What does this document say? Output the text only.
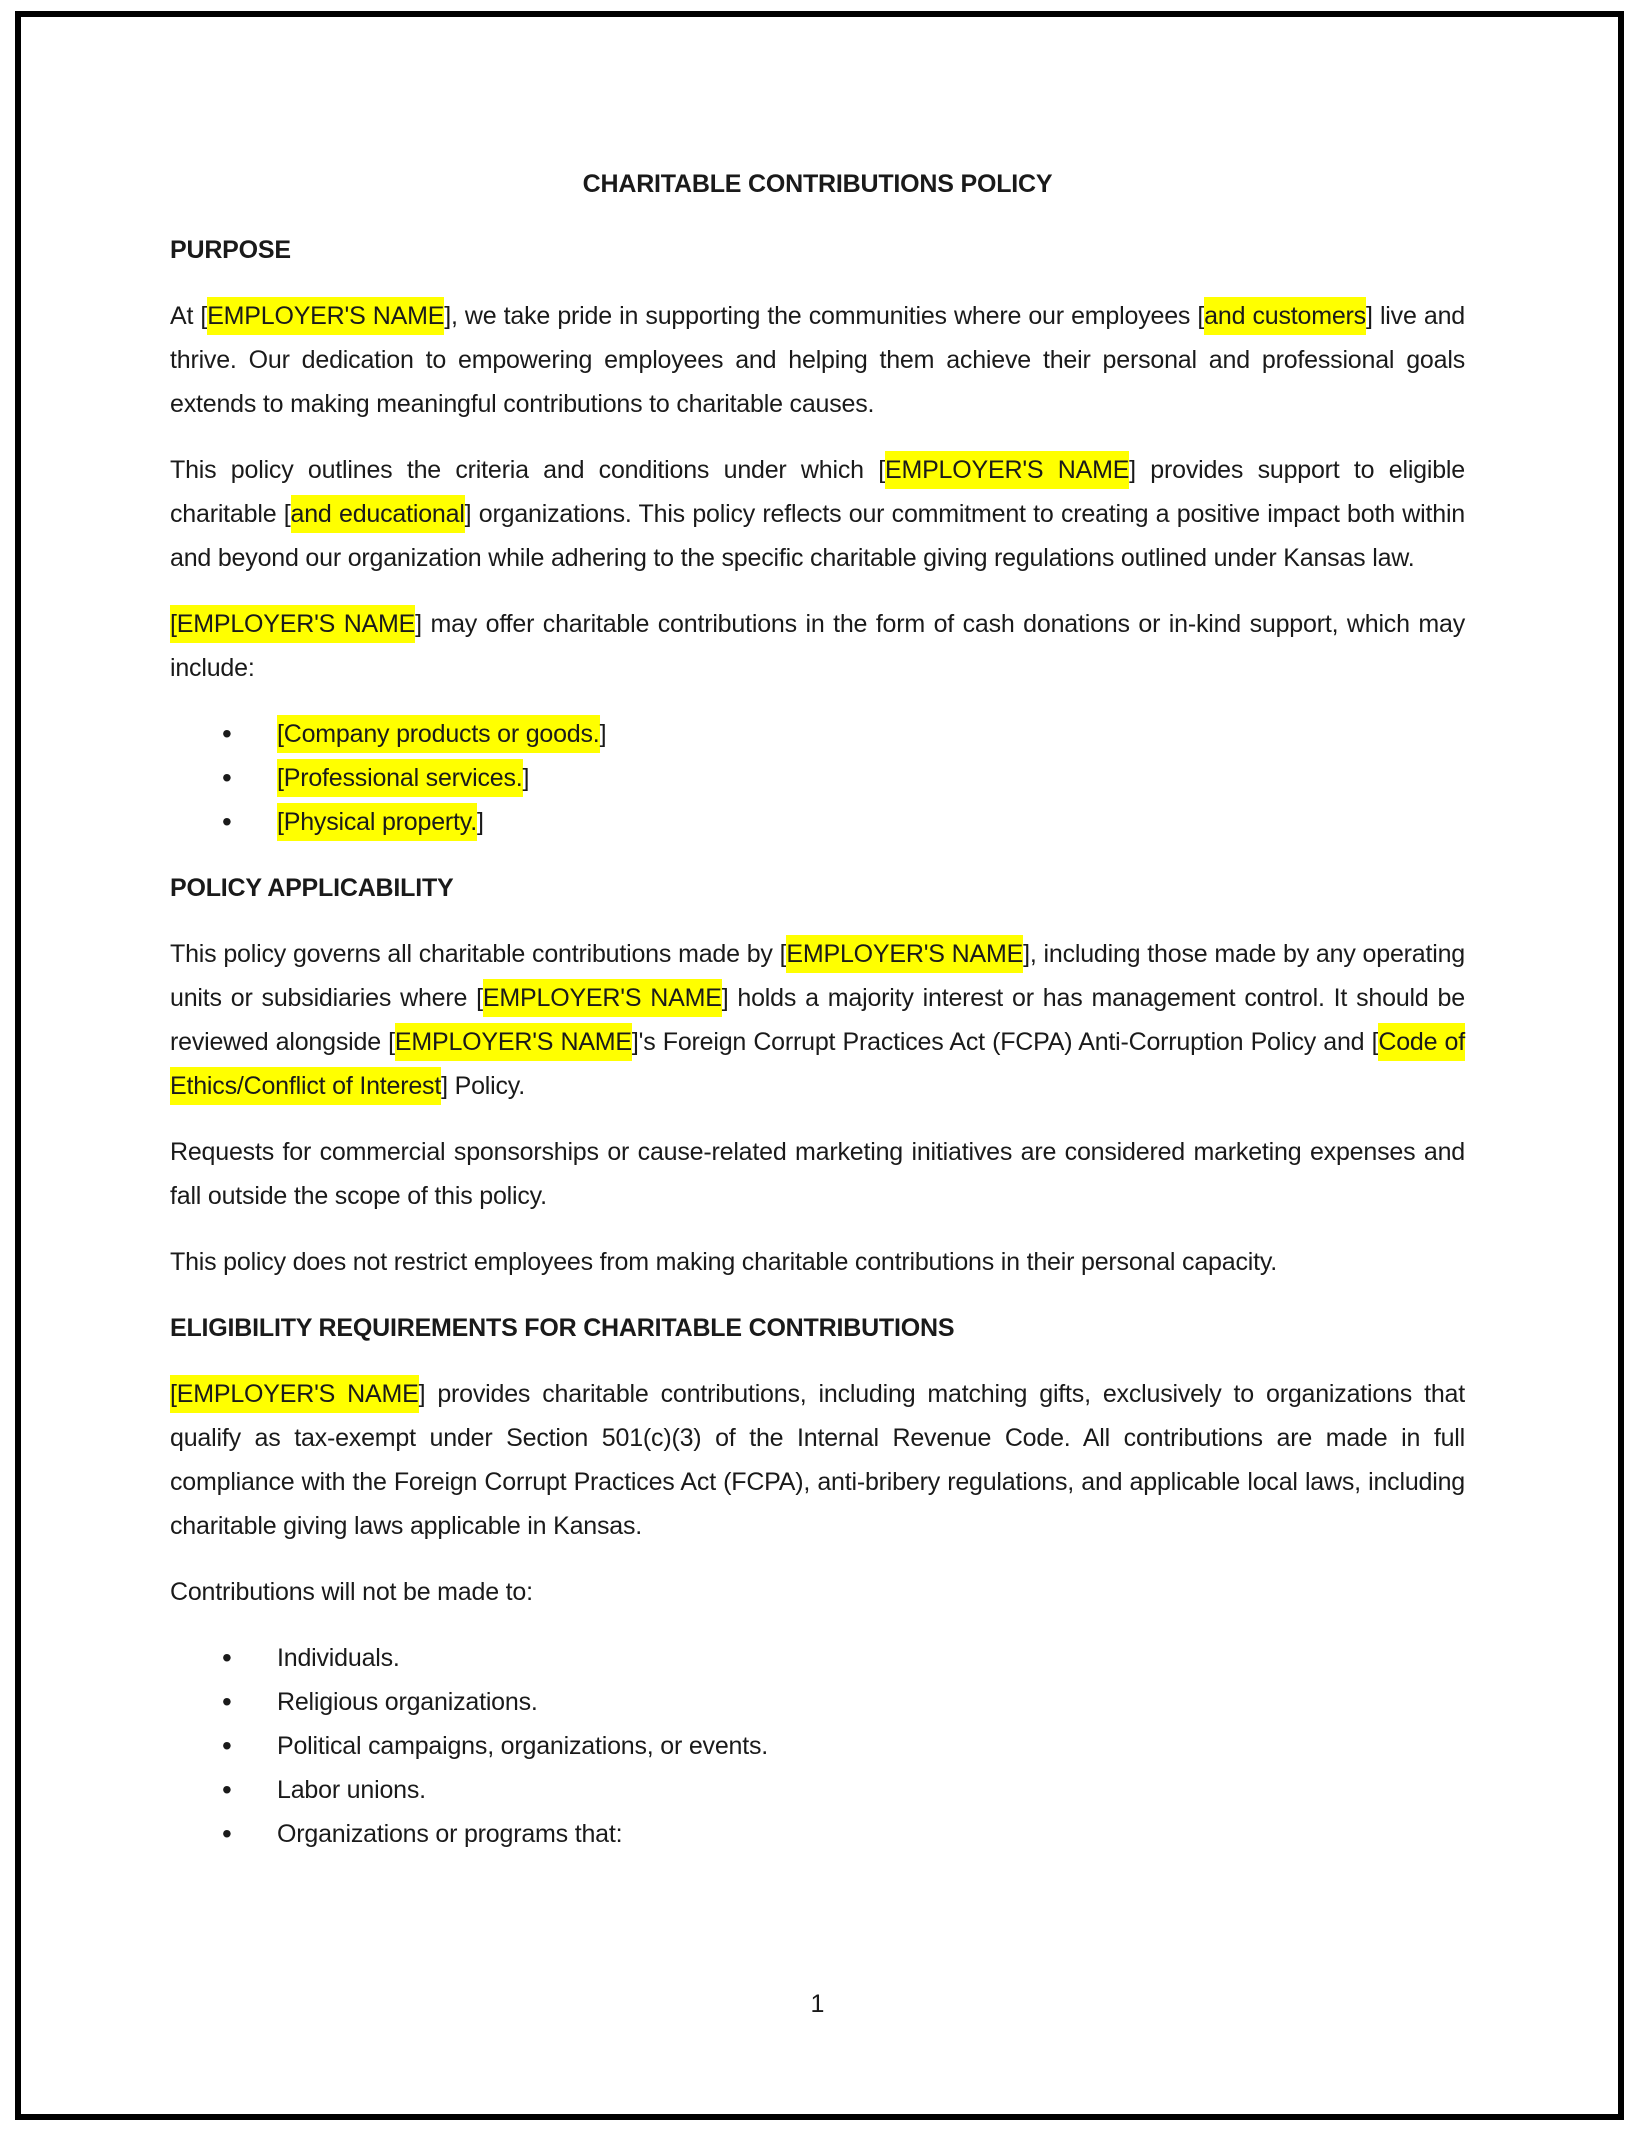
CHARITABLE CONTRIBUTIONS POLICY
PURPOSE

At [EMPLOYER'S NAME], we take pride in supporting the communities where our employees [and customers] live and thrive. Our dedication to empowering employees and helping them achieve their personal and professional goals extends to making meaningful contributions to charitable causes.

This policy outlines the criteria and conditions under which [EMPLOYER'S NAME] provides support to eligible charitable [and educational] organizations. This policy reflects our commitment to creating a positive impact both within and beyond our organization while adhering to the specific charitable giving regulations outlined under Kansas law.

[EMPLOYER'S NAME] may offer charitable contributions in the form of cash donations or in-kind support, which may include:

• [Company products or goods.]
• [Professional services.]
• [Physical property.]
POLICY APPLICABILITY

This policy governs all charitable contributions made by [EMPLOYER'S NAME], including those made by any operating units or subsidiaries where [EMPLOYER'S NAME] holds a majority interest or has management control. It should be reviewed alongside [EMPLOYER'S NAME]'s Foreign Corrupt Practices Act (FCPA) Anti-Corruption Policy and [Code of Ethics/Conflict of Interest] Policy.

Requests for commercial sponsorships or cause-related marketing initiatives are considered marketing expenses and fall outside the scope of this policy.

This policy does not restrict employees from making charitable contributions in their personal capacity.

ELIGIBILITY REQUIREMENTS FOR CHARITABLE CONTRIBUTIONS

[EMPLOYER'S NAME] provides charitable contributions, including matching gifts, exclusively to organizations that qualify as tax-exempt under Section 501(c)(3) of the Internal Revenue Code. All contributions are made in full compliance with the Foreign Corrupt Practices Act (FCPA), anti-bribery regulations, and applicable local laws, including charitable giving laws applicable in Kansas.

Contributions will not be made to:

• Individuals.
• Religious organizations.
• Political campaigns, organizations, or events.
• Labor unions.
• Organizations or programs that:
1
